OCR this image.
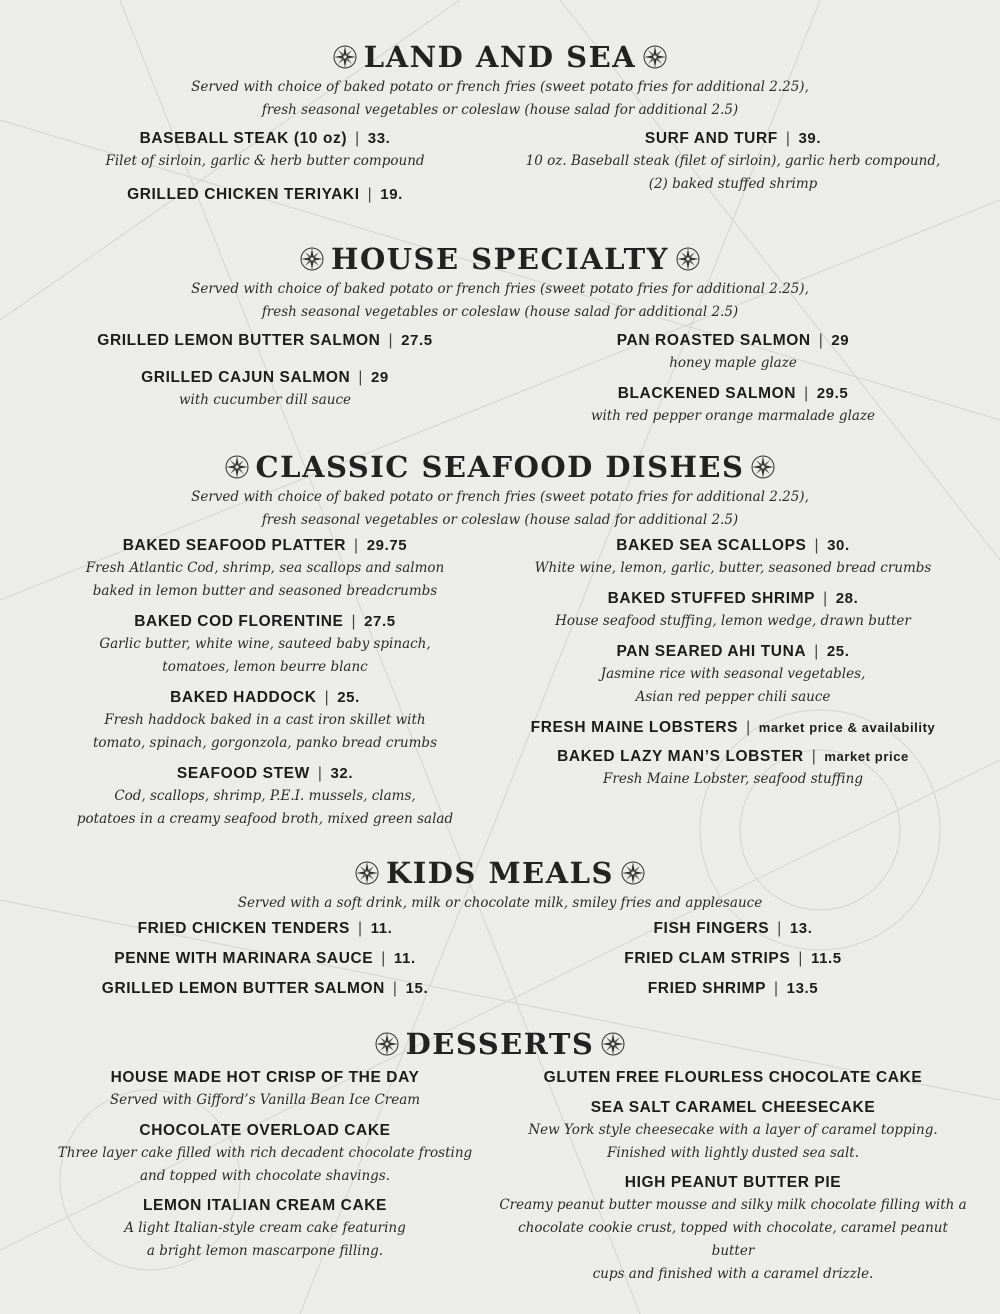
LAND AND SEA
Served with choice of baked potato or french fries (sweet potato fries for additional 2.25),
fresh seasonal vegetables or coleslaw (house salad for additional 2.5)
BASEBALL STEAK (10 oz) | 33.
Filet of sirloin, garlic & herb butter compound
GRILLED CHICKEN TERIYAKI | 19.
SURF AND TURF | 39.
10 oz. Baseball steak (filet of sirloin), garlic herb compound,
(2) baked stuffed shrimp
HOUSE SPECIALTY
Served with choice of baked potato or french fries (sweet potato fries for additional 2.25),
fresh seasonal vegetables or coleslaw (house salad for additional 2.5)
GRILLED LEMON BUTTER SALMON | 27.5
GRILLED CAJUN SALMON | 29
with cucumber dill sauce
PAN ROASTED SALMON | 29
honey maple glaze
BLACKENED SALMON | 29.5
with red pepper orange marmalade glaze
CLASSIC SEAFOOD DISHES
Served with choice of baked potato or french fries (sweet potato fries for additional 2.25),
fresh seasonal vegetables or coleslaw (house salad for additional 2.5)
BAKED SEAFOOD PLATTER | 29.75
Fresh Atlantic Cod, shrimp, sea scallops and salmon
baked in lemon butter and seasoned breadcrumbs
BAKED COD FLORENTINE | 27.5
Garlic butter, white wine, sauteed baby spinach,
tomatoes, lemon beurre blanc
BAKED HADDOCK | 25.
Fresh haddock baked in a cast iron skillet with
tomato, spinach, gorgonzola, panko bread crumbs
SEAFOOD STEW | 32.
Cod, scallops, shrimp, P.E.I. mussels, clams,
potatoes in a creamy seafood broth, mixed green salad
BAKED SEA SCALLOPS | 30.
White wine, lemon, garlic, butter, seasoned bread crumbs
BAKED STUFFED SHRIMP | 28.
House seafood stuffing, lemon wedge, drawn butter
PAN SEARED AHI TUNA | 25.
Jasmine rice with seasonal vegetables,
Asian red pepper chili sauce
FRESH MAINE LOBSTERS | market price & availability
BAKED LAZY MAN’S LOBSTER | market price
Fresh Maine Lobster, seafood stuffing
KIDS MEALS
Served with a soft drink, milk or chocolate milk, smiley fries and applesauce
FRIED CHICKEN TENDERS | 11.
PENNE WITH MARINARA SAUCE | 11.
GRILLED LEMON BUTTER SALMON | 15.
FISH FINGERS | 13.
FRIED CLAM STRIPS | 11.5
FRIED SHRIMP | 13.5
DESSERTS
HOUSE MADE HOT CRISP OF THE DAY
Served with Gifford’s Vanilla Bean Ice Cream
CHOCOLATE OVERLOAD CAKE
Three layer cake filled with rich decadent chocolate frosting
and topped with chocolate shavings.
LEMON ITALIAN CREAM CAKE
A light Italian-style cream cake featuring
a bright lemon mascarpone filling.
GLUTEN FREE FLOURLESS CHOCOLATE CAKE
SEA SALT CARAMEL CHEESECAKE
New York style cheesecake with a layer of caramel topping.
Finished with lightly dusted sea salt.
HIGH PEANUT BUTTER PIE
Creamy peanut butter mousse and silky milk chocolate filling with a
chocolate cookie crust, topped with chocolate, caramel peanut butter
cups and finished with a caramel drizzle.
